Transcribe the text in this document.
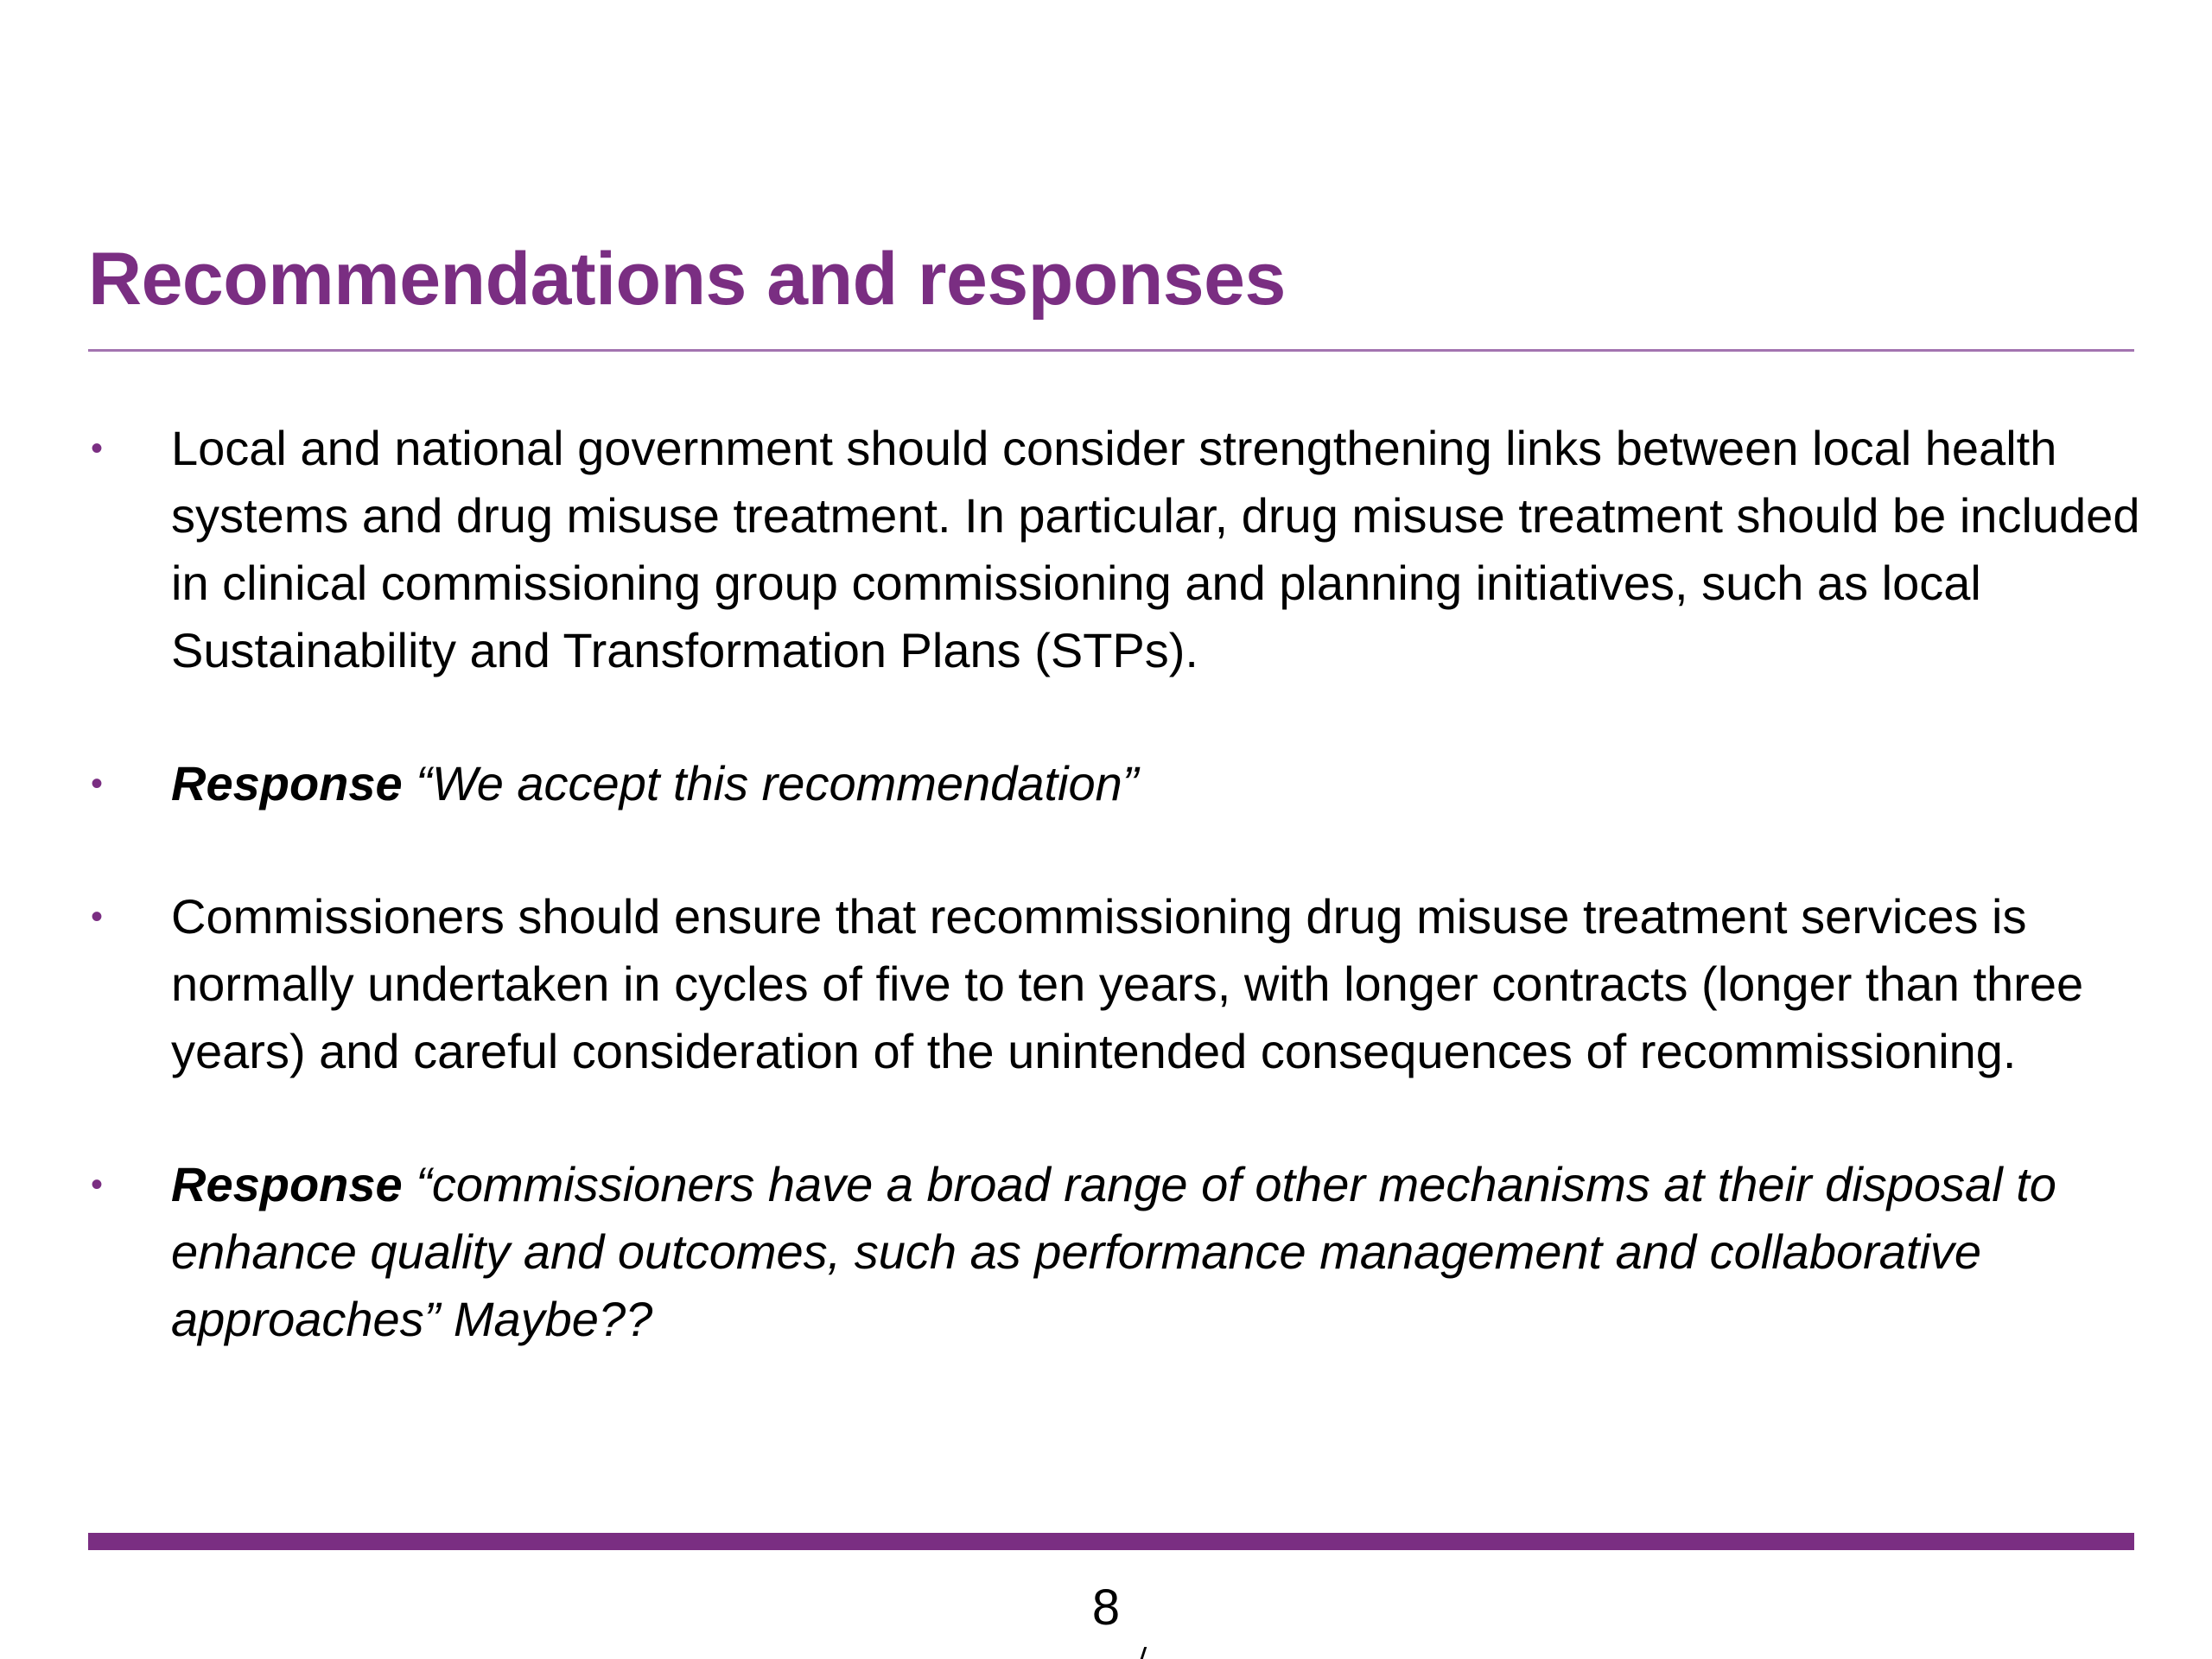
Recommendations and responses
• Local and national government should consider strengthening links between local health systems and drug misuse treatment. In particular, drug misuse treatment should be included in clinical commissioning group commissioning and planning initiatives, such as local Sustainability and Transformation Plans (STPs).
• Response “We accept this recommendation”
• Commissioners should ensure that recommissioning drug misuse treatment services is normally undertaken in cycles of five to ten years, with longer contracts (longer than three years) and careful consideration of the unintended consequences of recommissioning.
• Response “commissioners have a broad range of other mechanisms at their disposal to enhance quality and outcomes, such as performance management and collaborative approaches” Maybe??
8
